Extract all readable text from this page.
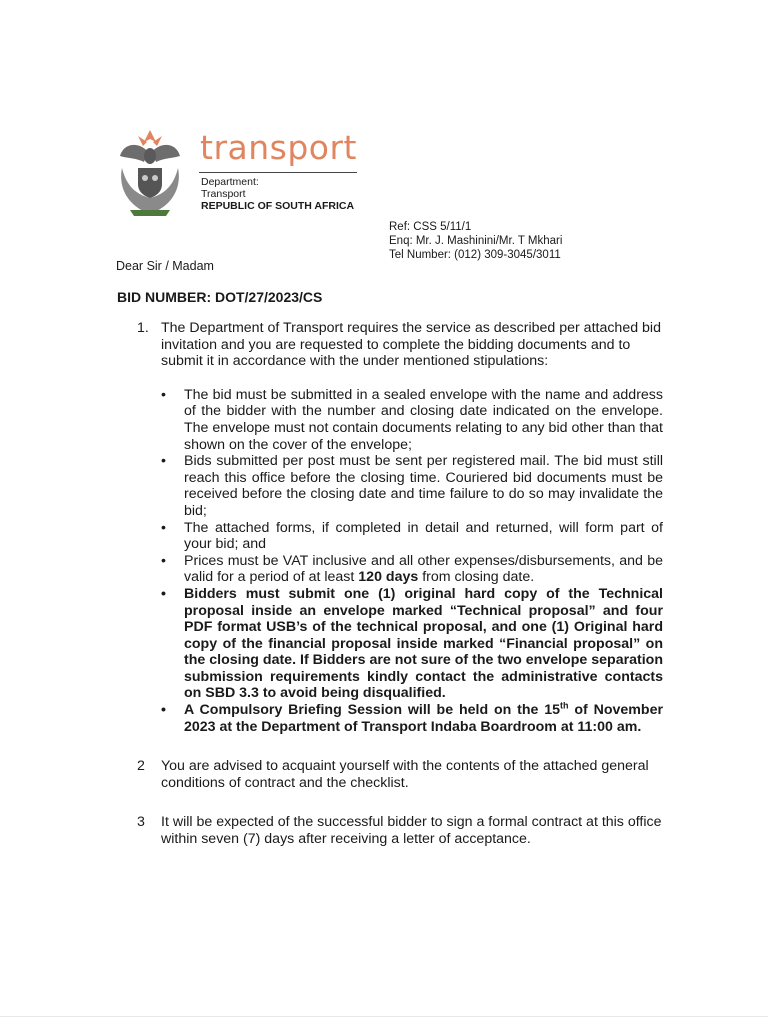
transport
Department:
Transport
REPUBLIC OF SOUTH AFRICA
Ref: CSS 5/11/1
Enq: Mr. J. Mashinini/Mr. T Mkhari
Tel Number: (012) 309-3045/3011
Dear Sir / Madam
BID NUMBER: DOT/27/2023/CS
1. The Department of Transport requires the service as described per attached bid invitation and you are requested to complete the bidding documents and to submit it in accordance with the under mentioned stipulations:
• The bid must be submitted in a sealed envelope with the name and address of the bidder with the number and closing date indicated on the envelope. The envelope must not contain documents relating to any bid other than that shown on the cover of the envelope;
• Bids submitted per post must be sent per registered mail. The bid must still reach this office before the closing time. Couriered bid documents must be received before the closing date and time failure to do so may invalidate the bid;
• The attached forms, if completed in detail and returned, will form part of your bid; and
• Prices must be VAT inclusive and all other expenses/disbursements, and be valid for a period of at least 120 days from closing date.
• Bidders must submit one (1) original hard copy of the Technical proposal inside an envelope marked “Technical proposal” and four PDF format USB’s of the technical proposal, and one (1) Original hard copy of the financial proposal inside marked “Financial proposal” on the closing date. If Bidders are not sure of the two envelope separation submission requirements kindly contact the administrative contacts on SBD 3.3 to avoid being disqualified.
• A Compulsory Briefing Session will be held on the 15th of November 2023 at the Department of Transport Indaba Boardroom at 11:00 am.
2 You are advised to acquaint yourself with the contents of the attached general conditions of contract and the checklist.
3 It will be expected of the successful bidder to sign a formal contract at this office within seven (7) days after receiving a letter of acceptance.
